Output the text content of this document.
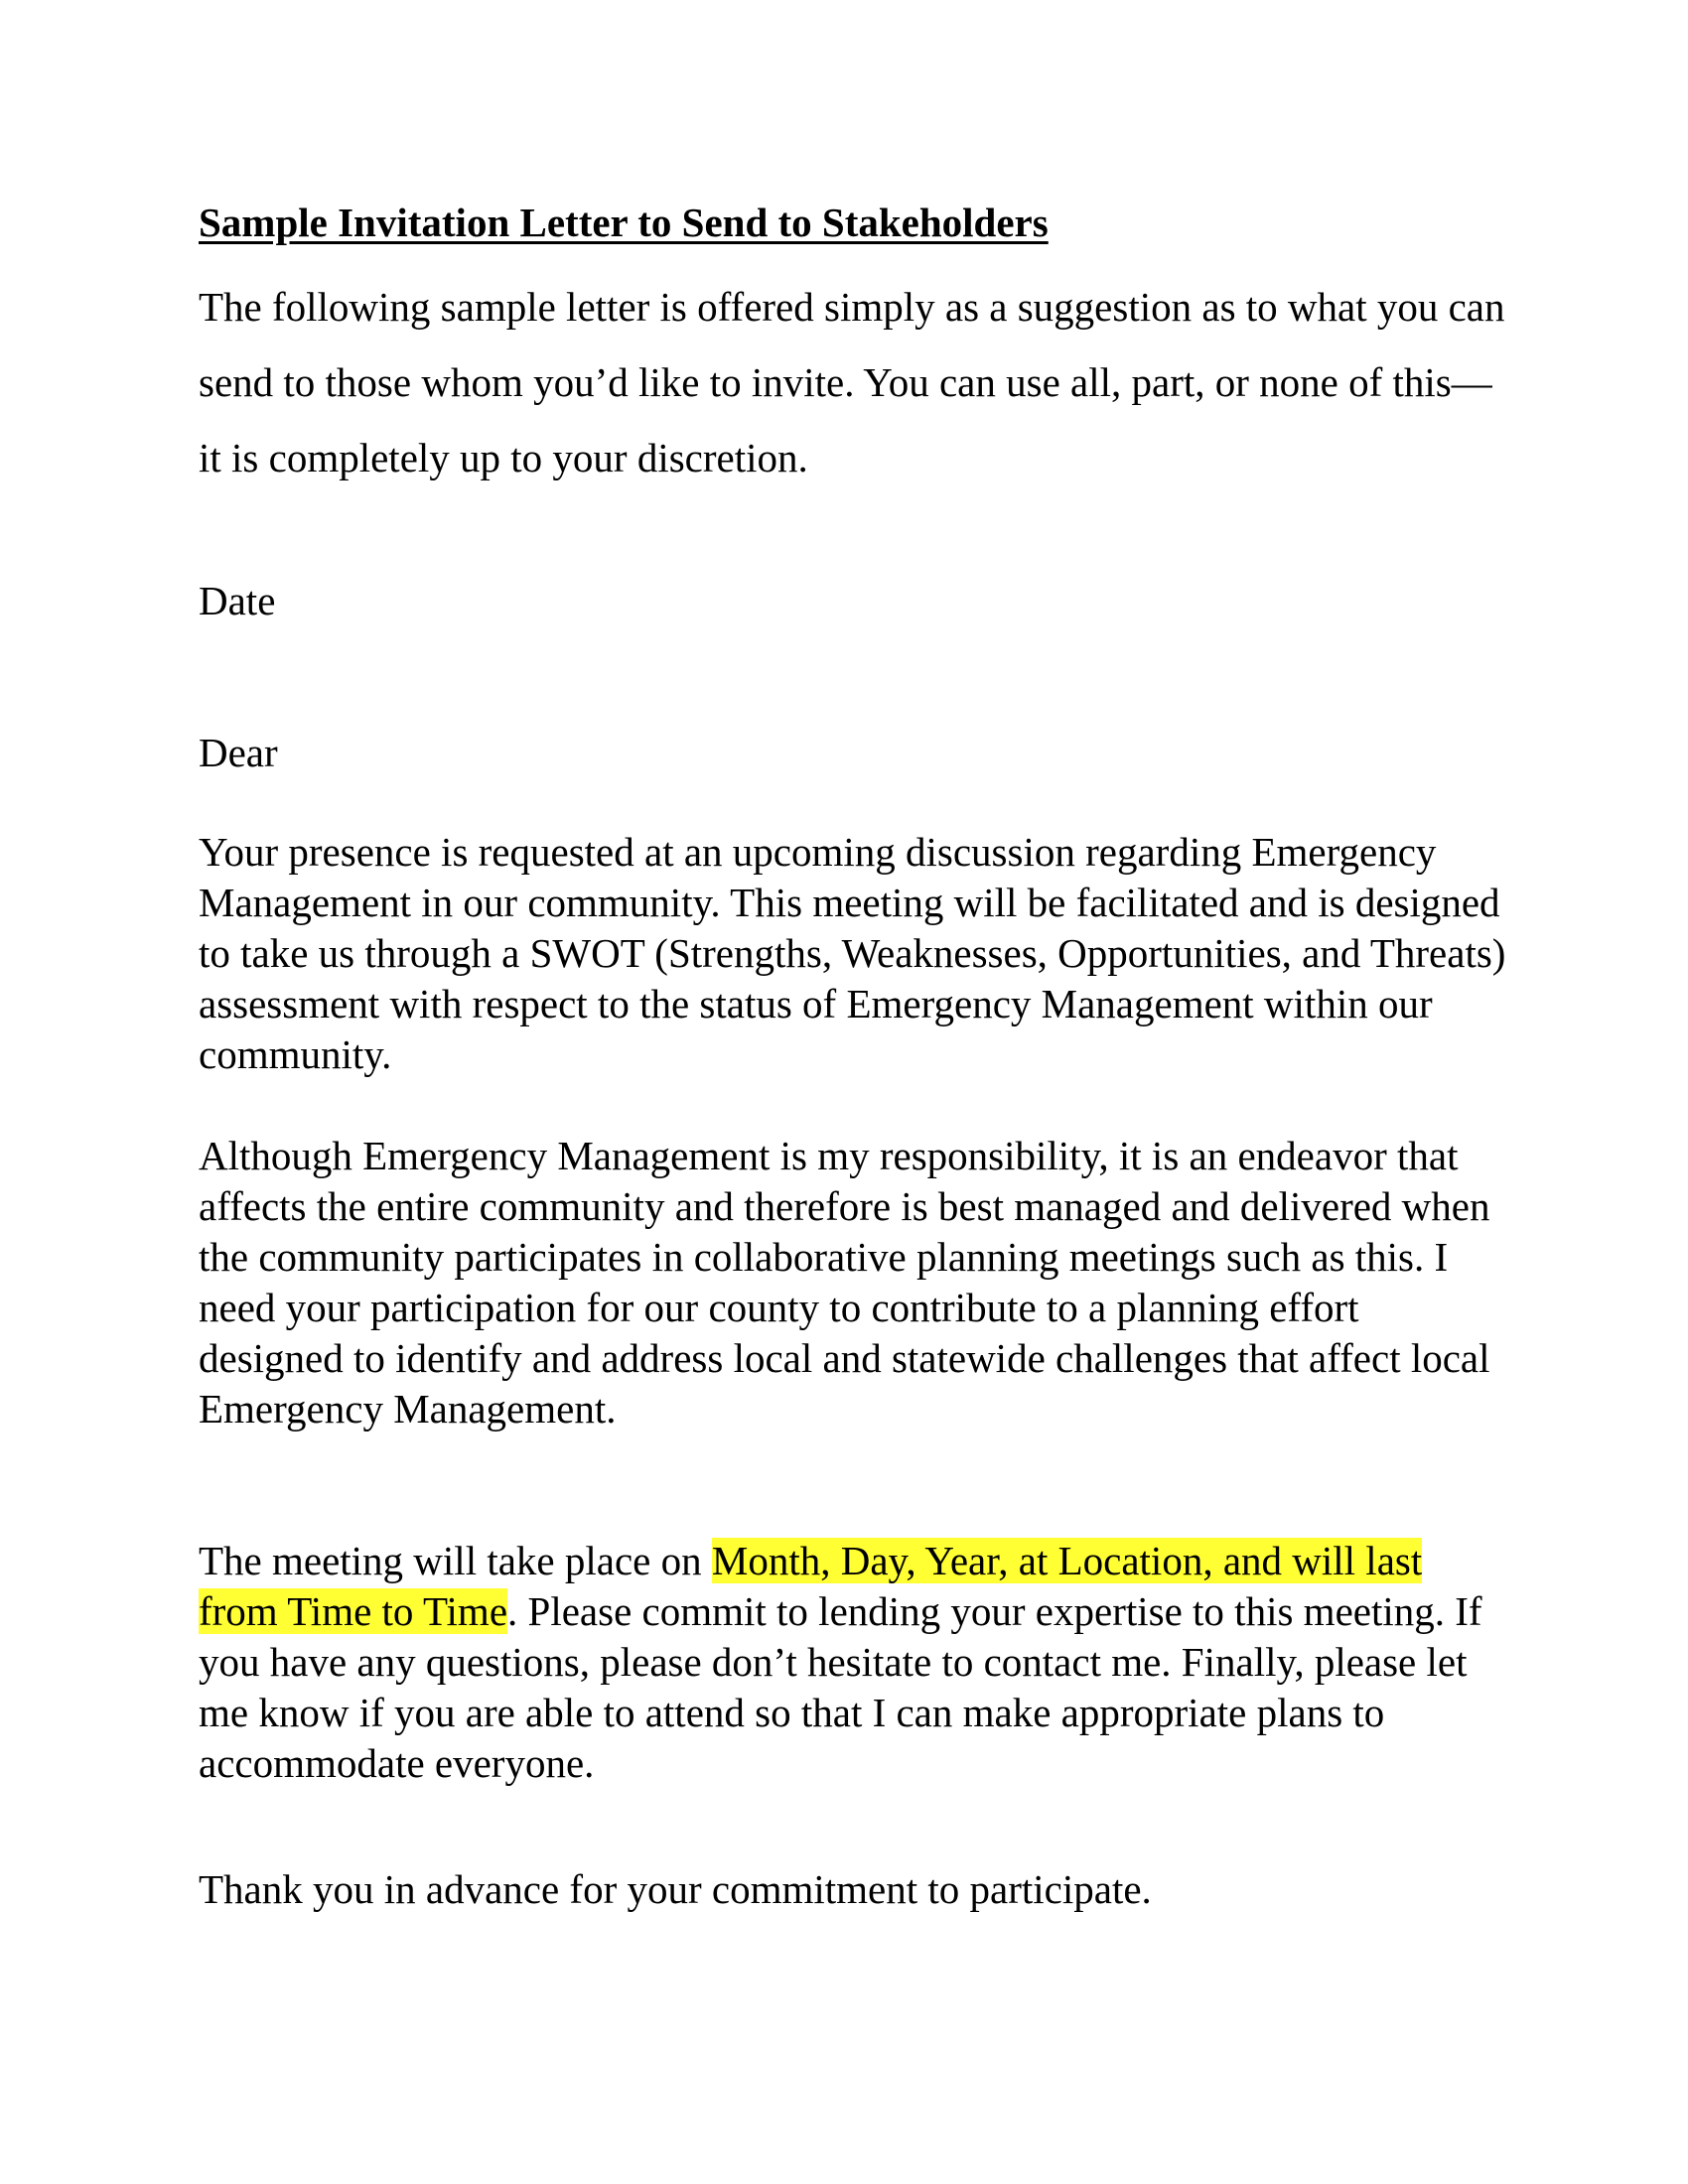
Sample Invitation Letter to Send to Stakeholders

The following sample letter is offered simply as a suggestion as to what you can send to those whom you’d like to invite. You can use all, part, or none of this—it is completely up to your discretion.

Date

Dear

Your presence is requested at an upcoming discussion regarding Emergency Management in our community. This meeting will be facilitated and is designed to take us through a SWOT (Strengths, Weaknesses, Opportunities, and Threats) assessment with respect to the status of Emergency Management within our community.

Although Emergency Management is my responsibility, it is an endeavor that affects the entire community and therefore is best managed and delivered when the community participates in collaborative planning meetings such as this. I need your participation for our county to contribute to a planning effort designed to identify and address local and statewide challenges that affect local Emergency Management.

The meeting will take place on Month, Day, Year, at Location, and will last from Time to Time. Please commit to lending your expertise to this meeting. If you have any questions, please don’t hesitate to contact me. Finally, please let me know if you are able to attend so that I can make appropriate plans to accommodate everyone.

Thank you in advance for your commitment to participate.
